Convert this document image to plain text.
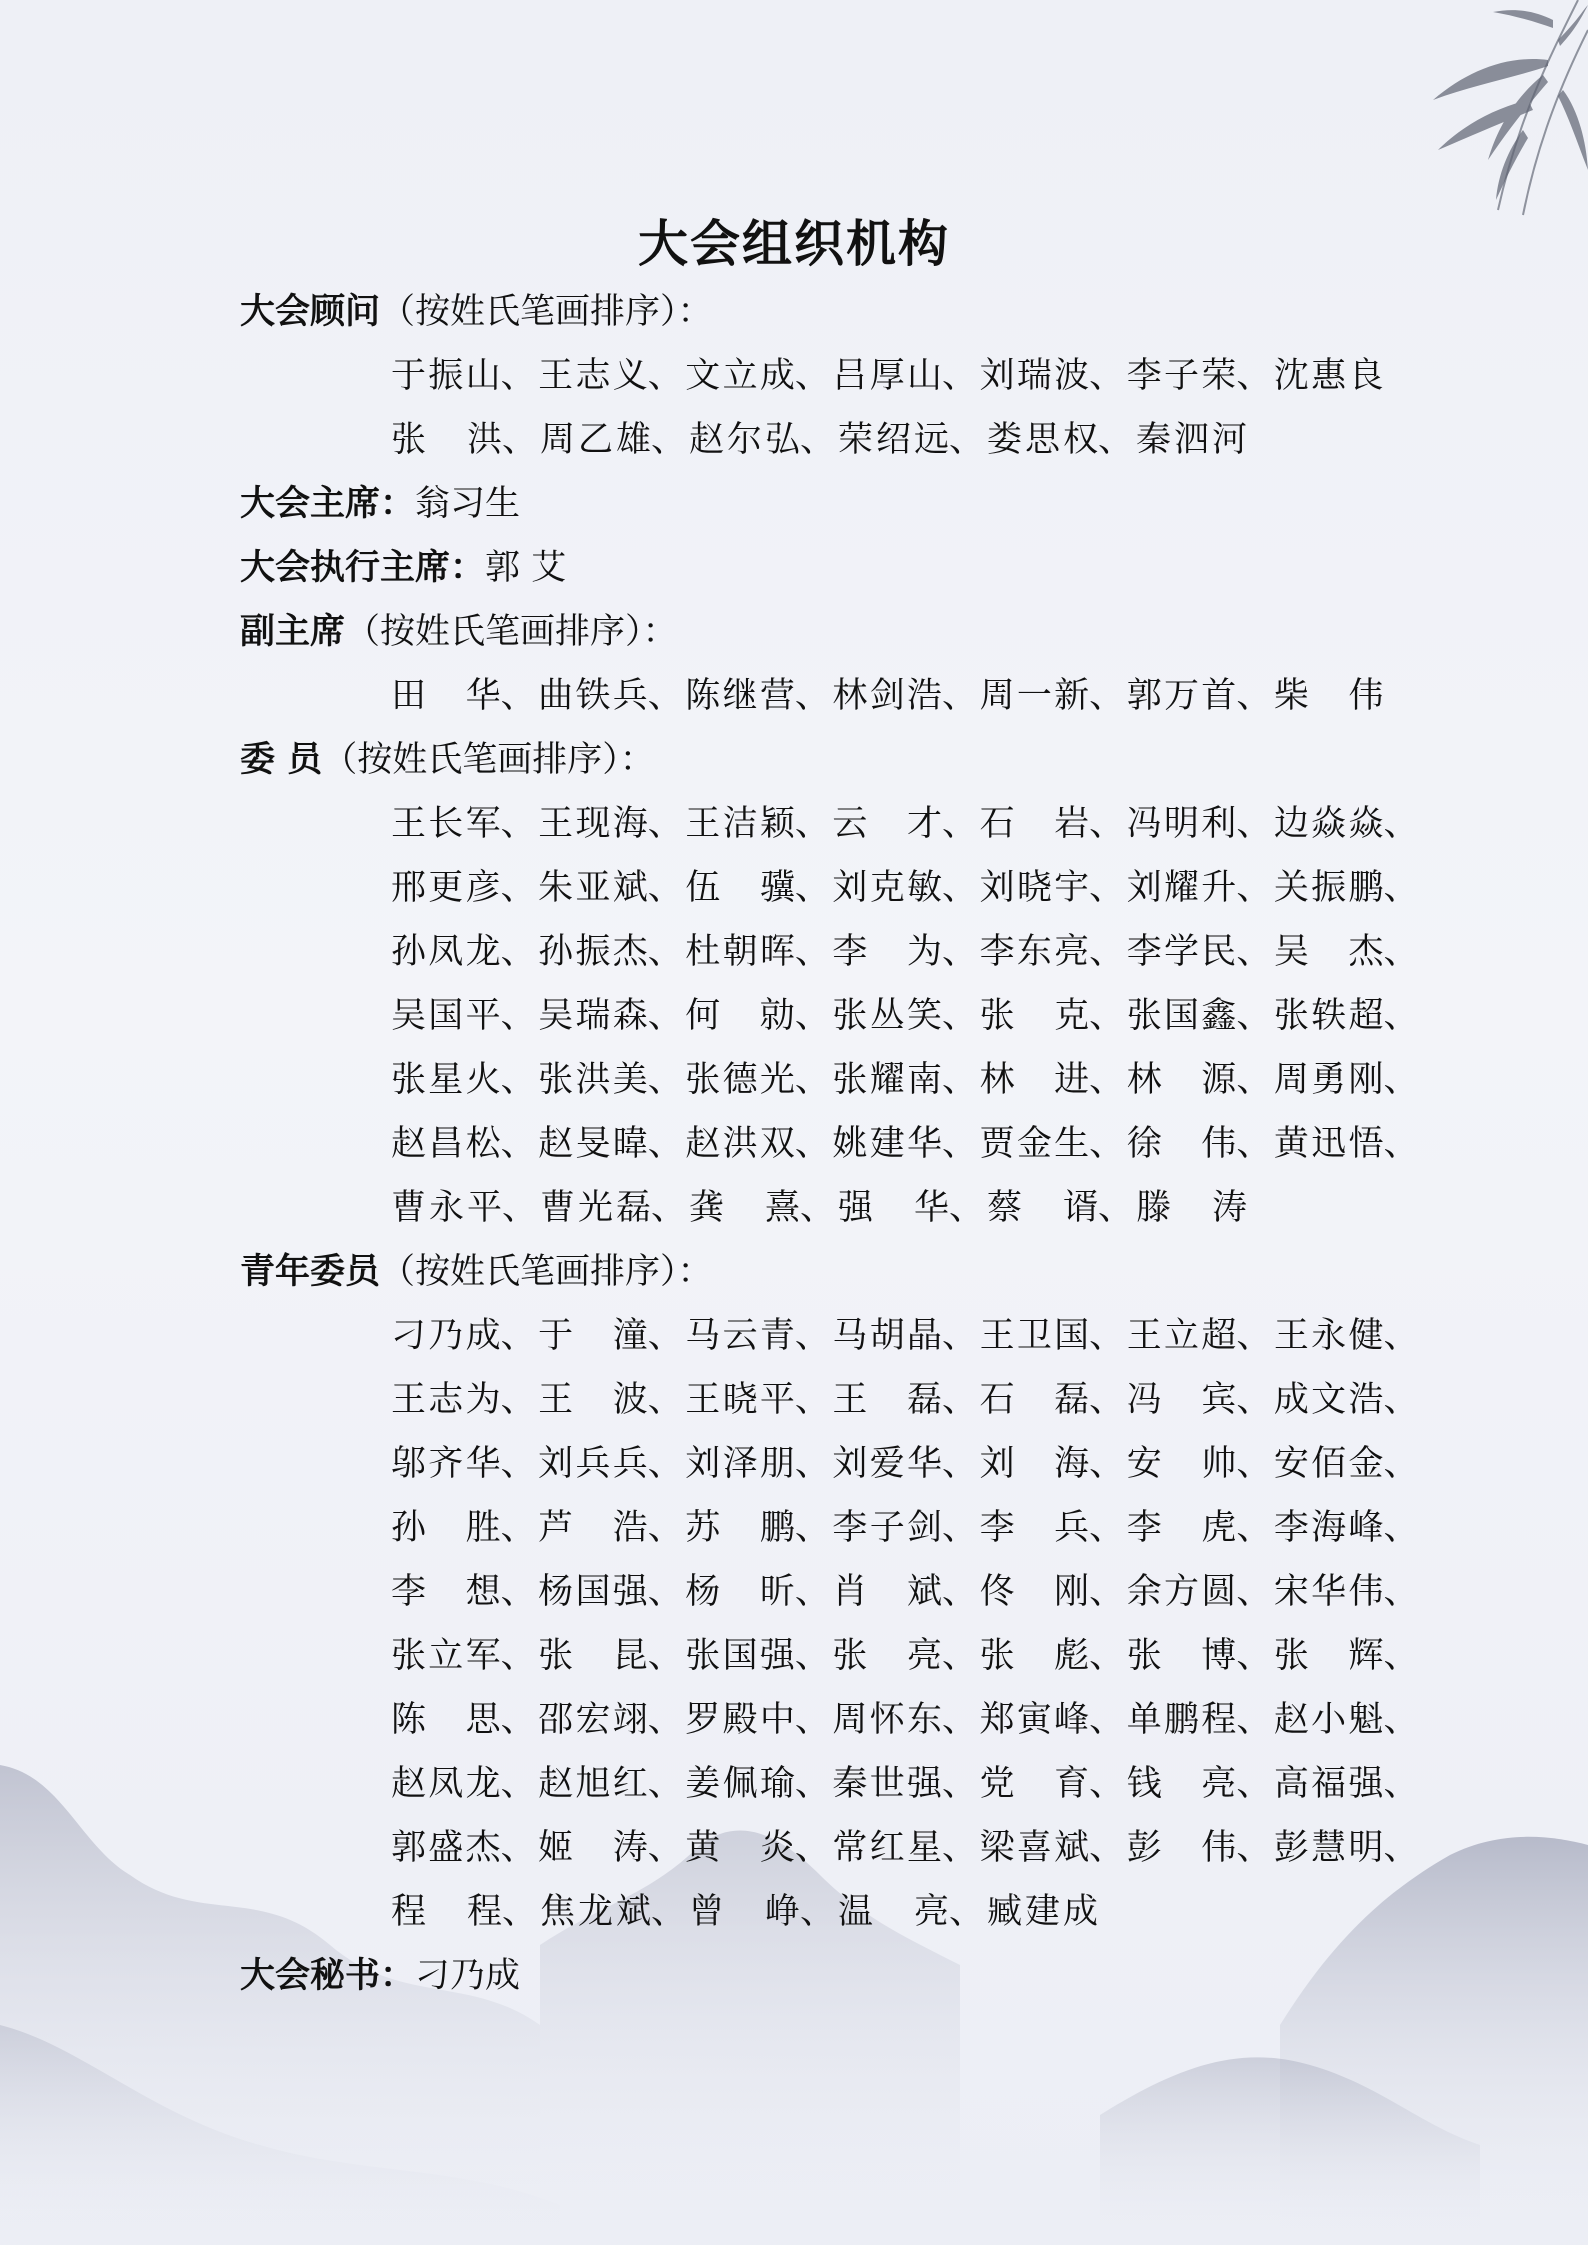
大会组织机构
大会顾问（按姓氏笔画排序）：
于振山 、 王志义 、 文立成 、 吕厚山 、 刘瑞波 、 李子荣 、 沈惠良
张洪 、 周乙雄 、 赵尔弘 、 荣绍远 、 娄思权 、 秦泗河
大会主席：翁习生
大会执行主席：郭 艾
副主席（按姓氏笔画排序）：
田华 、 曲铁兵 、 陈继营 、 林剑浩 、 周一新 、 郭万首 、 柴伟
委 员（按姓氏笔画排序）：
王长军 、 王现海 、 王洁颖 、 云才 、 石岩 、 冯明利 、 边焱焱 、
邢更彦 、 朱亚斌 、 伍骥 、 刘克敏 、 刘晓宇 、 刘耀升 、 关振鹏 、
孙凤龙 、 孙振杰 、 杜朝晖 、 李为 、 李东亮 、 李学民 、 吴杰 、
吴国平 、 吴瑞森 、 何勍 、 张丛笑 、 张克 、 张国鑫 、 张轶超 、
张星火 、 张洪美 、 张德光 、 张耀南 、 林进 、 林源 、 周勇刚 、
赵昌松 、 赵旻暐 、 赵洪双 、 姚建华 、 贾金生 、 徐伟 、 黄迅悟 、
曹永平 、 曹光磊 、 龚熹 、 强华 、 蔡谞 、 滕涛
青年委员（按姓氏笔画排序）：
刁乃成 、 于潼 、 马云青 、 马胡晶 、 王卫国 、 王立超 、 王永健 、
王志为 、 王波 、 王晓平 、 王磊 、 石磊 、 冯宾 、 成文浩 、
邬齐华 、 刘兵兵 、 刘泽朋 、 刘爱华 、 刘海 、 安帅 、 安佰金 、
孙胜 、 芦浩 、 苏鹏 、 李子剑 、 李兵 、 李虎 、 李海峰 、
李想 、 杨国强 、 杨昕 、 肖斌 、 佟刚 、 余方圆 、 宋华伟 、
张立军 、 张昆 、 张国强 、 张亮 、 张彪 、 张博 、 张辉 、
陈思 、 邵宏翊 、 罗殿中 、 周怀东 、 郑寅峰 、 单鹏程 、 赵小魁 、
赵凤龙 、 赵旭红 、 姜佩瑜 、 秦世强 、 党育 、 钱亮 、 高福强 、
郭盛杰 、 姬涛 、 黄炎 、 常红星 、 梁喜斌 、 彭伟 、 彭慧明 、
程程 、 焦龙斌 、 曾峥 、 温亮 、 臧建成
大会秘书：刁乃成
